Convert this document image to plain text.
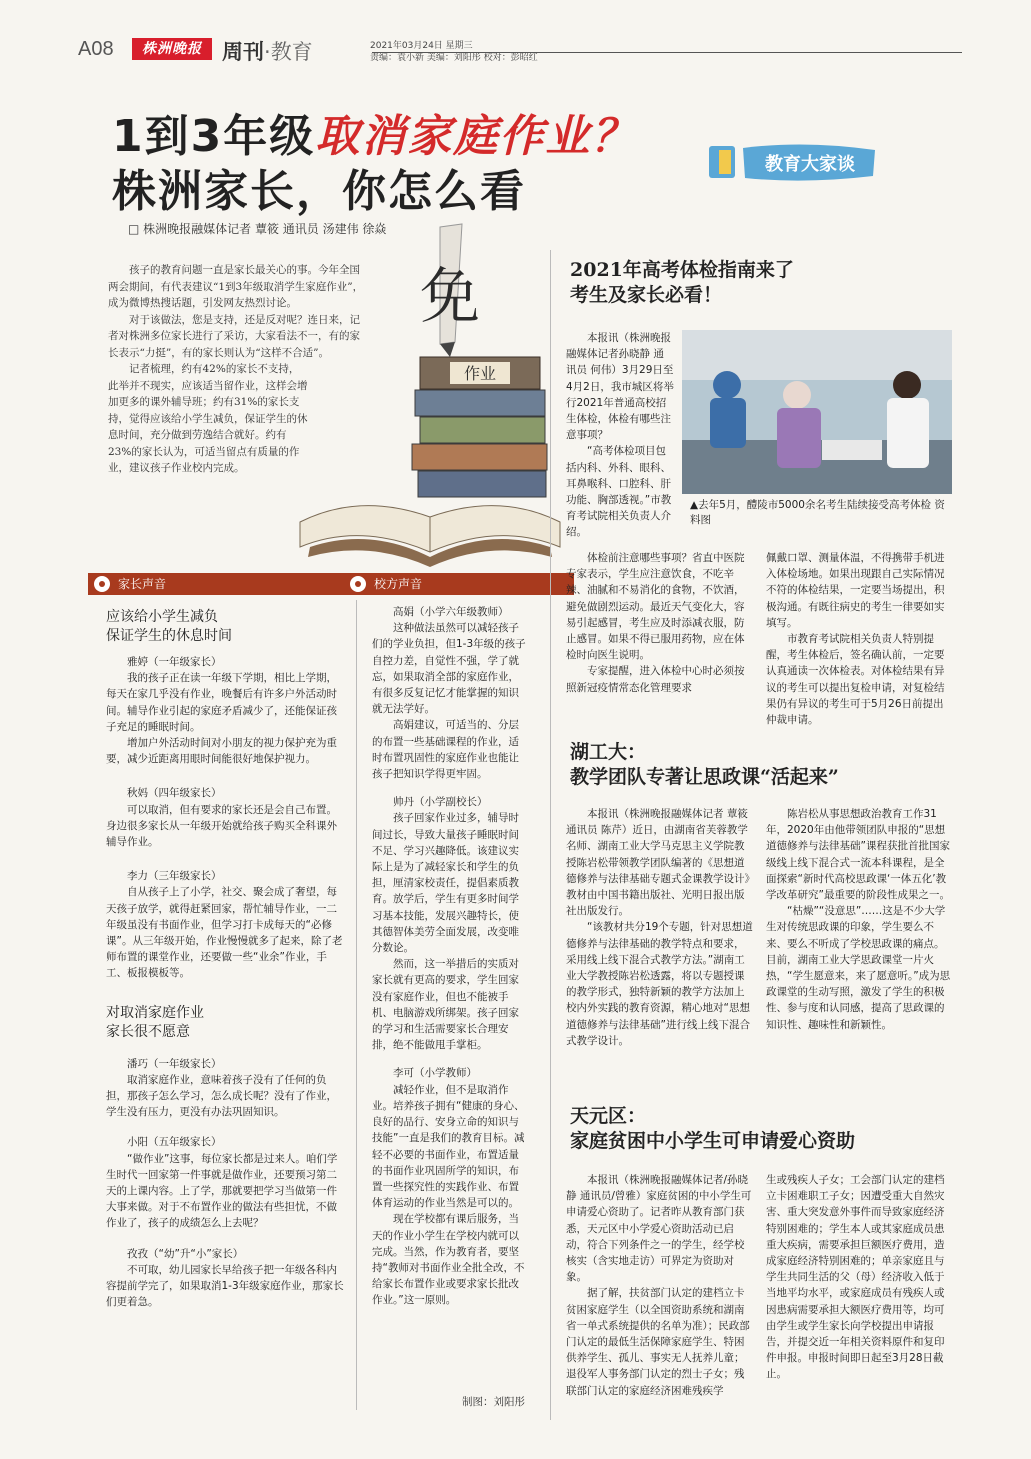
A08	株洲晚报 周刊·教育	2021年03月24日 星期三
责编：袁小新 美编：刘阳彤 校对：彭昭红
1到3年级取消家庭作业？
株洲家长，你怎么看
教育大家谈
□ 株洲晚报融媒体记者 蕈筱 通讯员 汤建伟 徐焱

孩子的教育问题一直是家长最关心的事。今年全国两会期间，有代表建议“1到3年级取消学生家庭作业”，成为微博热搜话题，引发网友热烈讨论。

对于该做法，您是支持，还是反对呢？连日来，记者对株洲多位家长进行了采访，大家看法不一，有的家长表示“力挺”，有的家长则认为“这样不合适”。

记者梳理，约有42%的家长不支持，此举并不现实，应该适当留作业，这样会增加更多的课外辅导班；约有31%的家长支持，觉得应该给小学生减负，保证学生的休息时间，充分做到劳逸结合就好。约有23%的家长认为，可适当留点有质量的作业，建议孩子作业校内完成。

免
作业
家长声音
应该给小学生减负
保证学生的休息时间
雅婷（一年级家长）

我的孩子正在读一年级下学期，相比上学期，每天在家几乎没有作业，晚餐后有许多户外活动时间。辅导作业引起的家庭矛盾减少了，还能保证孩子充足的睡眠时间。

增加户外活动时间对小朋友的视力保护充为重要，减少近距离用眼时间能很好地保护视力。

秋妈（四年级家长）

可以取消，但有要求的家长还是会自己布置。身边很多家长从一年级开始就给孩子购买全科课外辅导作业。

李力（三年级家长）

自从孩子上了小学，社交、聚会成了奢望，每天孩子放学，就得赶紧回家，帮忙辅导作业，一二年级虽没有书面作业，但学习打卡成每天的“必修课”。从三年级开始，作业慢慢就多了起来，除了老师布置的课堂作业，还要做一些“业余”作业，手工、板报模板等。

对取消家庭作业
家长很不愿意
潘巧（一年级家长）

取消家庭作业，意味着孩子没有了任何的负担，那孩子怎么学习，怎么成长呢？没有了作业，学生没有压力，更没有办法巩固知识。

小阳（五年级家长）

“做作业”这事，每位家长都是过来人。咱们学生时代一回家第一件事就是做作业，还要预习第二天的上课内容。上了学，那就要把学习当做第一件大事来做。对于不布置作业的做法有些担忧，不做作业了，孩子的成绩怎么上去呢？

孜孜（“幼”升“小”家长）

不可取，幼儿园家长早给孩子把一年级各科内容提前学完了，如果取消1-3年级家庭作业，那家长们更着急。

校方声音
高娟（小学六年级教师）

这种做法虽然可以减轻孩子们的学业负担，但1-3年级的孩子自控力差，自觉性不强，学了就忘，如果取消全部的家庭作业，有很多反复记忆才能掌握的知识就无法学好。

高娟建议，可适当的、分层的布置一些基础课程的作业，适时布置巩固性的家庭作业也能让孩子把知识学得更牢固。

帅丹（小学副校长）

孩子回家作业过多，辅导时间过长，导致大量孩子睡眠时间不足、学习兴趣降低。该建议实际上是为了减轻家长和学生的负担，厘清家校责任，提倡素质教育。放学后，学生有更多时间学习基本技能，发展兴趣特长，使其德智体美劳全面发展，改变唯分数论。

然而，这一举措后的实质对家长就有更高的要求，学生回家没有家庭作业，但也不能被手机、电脑游戏所绑架。孩子回家的学习和生活需要家长合理安排，绝不能做甩手掌柜。

李可（小学教师）

减轻作业，但不是取消作业。培养孩子拥有“健康的身心、良好的品行、安身立命的知识与技能”一直是我们的教育目标。减轻不必要的书面作业，布置适量的书面作业巩固所学的知识，布置一些探究性的实践作业、布置体育运动的作业当然是可以的。

现在学校都有课后服务，当天的作业小学生在学校内就可以完成。当然，作为教育者，要坚持“教师对书面作业全批全改，不给家长布置作业或要求家长批改作业。”这一原则。

制图：刘阳彤
2021年高考体检指南来了
考生及家长必看！

本报讯（株洲晚报融媒体记者孙晓静 通讯员 何伟）3月29日至4月2日，我市城区将举行2021年普通高校招生体检，体检有哪些注意事项？

“高考体检项目包括内科、外科、眼科、耳鼻喉科、口腔科、肝功能、胸部透视。”市教育考试院相关负责人介绍。

▲去年5月，醴陵市5000余名考生陆续接受高考体检 资料图

体检前注意哪些事项？省直中医院专家表示，学生应注意饮食，不吃辛辣、油腻和不易消化的食物，不饮酒，避免做剧烈运动。最近天气变化大，容易引起感冒，考生应及时添减衣服，防止感冒。如果不得已服用药物，应在体检时向医生说明。

专家提醒，进入体检中心时必须按照新冠疫情常态化管理要求

佩戴口罩、测量体温，不得携带手机进入体检场地。如果出现跟自己实际情况不符的体检结果，一定要当场提出，积极沟通。有既往病史的考生一律要如实填写。

市教育考试院相关负责人特别提醒，考生体检后，签名确认前，一定要认真通读一次体检表。对体检结果有异议的考生可以提出复检申请，对复检结果仍有异议的考生可于5月26日前提出仲裁申请。

湖工大：
教学团队专著让思政课“活起来”

本报讯（株洲晚报融媒体记者 蕈筱 通讯员 陈芹）近日，由湖南省芙蓉教学名师、湖南工业大学马克思主义学院教授陈岩松带领教学团队编著的《思想道德修养与法律基础专题式金课教学设计》教材由中国书籍出版社、光明日报出版社出版发行。

“该教材共分19个专题，针对思想道德修养与法律基础的教学特点和要求，采用线上线下混合式教学方法。”湖南工业大学教授陈岩松透露，将以专题授课的教学形式，独特新颖的教学方法加上校内外实践的教育资源，精心地对“思想道德修养与法律基础”进行线上线下混合式教学设计。

陈岩松从事思想政治教育工作31年，2020年由他带领团队申报的“思想道德修养与法律基础”课程获批首批国家级线上线下混合式一流本科课程，是全面探索“新时代高校思政课‘一体五化’教学改革研究”最重要的阶段性成果之一。

“枯燥”“没意思”……这是不少大学生对传统思政课的印象，学生要么不来、要么不听成了学校思政课的痛点。目前，湖南工业大学思政课堂一片火热，“学生愿意来，来了愿意听。”成为思政课堂的生动写照，激发了学生的积极性、参与度和认同感，提高了思政课的知识性、趣味性和新颖性。

天元区：
家庭贫困中小学生可申请爱心资助

本报讯（株洲晚报融媒体记者/孙晓静 通讯员/曾雅）家庭贫困的中小学生可申请爱心资助了。记者昨从教育部门获悉，天元区中小学爱心资助活动已启动，符合下列条件之一的学生，经学校核实（含实地走访）可界定为资助对象。

据了解，扶贫部门认定的建档立卡贫困家庭学生（以全国资助系统和湖南省一单式系统提供的名单为准）；民政部门认定的最低生活保障家庭学生、特困供养学生、孤儿、事实无人抚养儿童；退役军人事务部门认定的烈士子女；残联部门认定的家庭经济困难残疾学

生或残疾人子女；工会部门认定的建档立卡困难职工子女；因遭受重大自然灾害、重大突发意外事件而导致家庭经济特别困难的；学生本人或其家庭成员患重大疾病，需要承担巨额医疗费用，造成家庭经济特别困难的；单亲家庭且与学生共同生活的父（母）经济收入低于当地平均水平，或家庭成员有残疾人或因患病需要承担大额医疗费用等，均可由学生或学生家长向学校提出申请报告，并提交近一年相关资料原件和复印件申报。申报时间即日起至3月28日截止。
